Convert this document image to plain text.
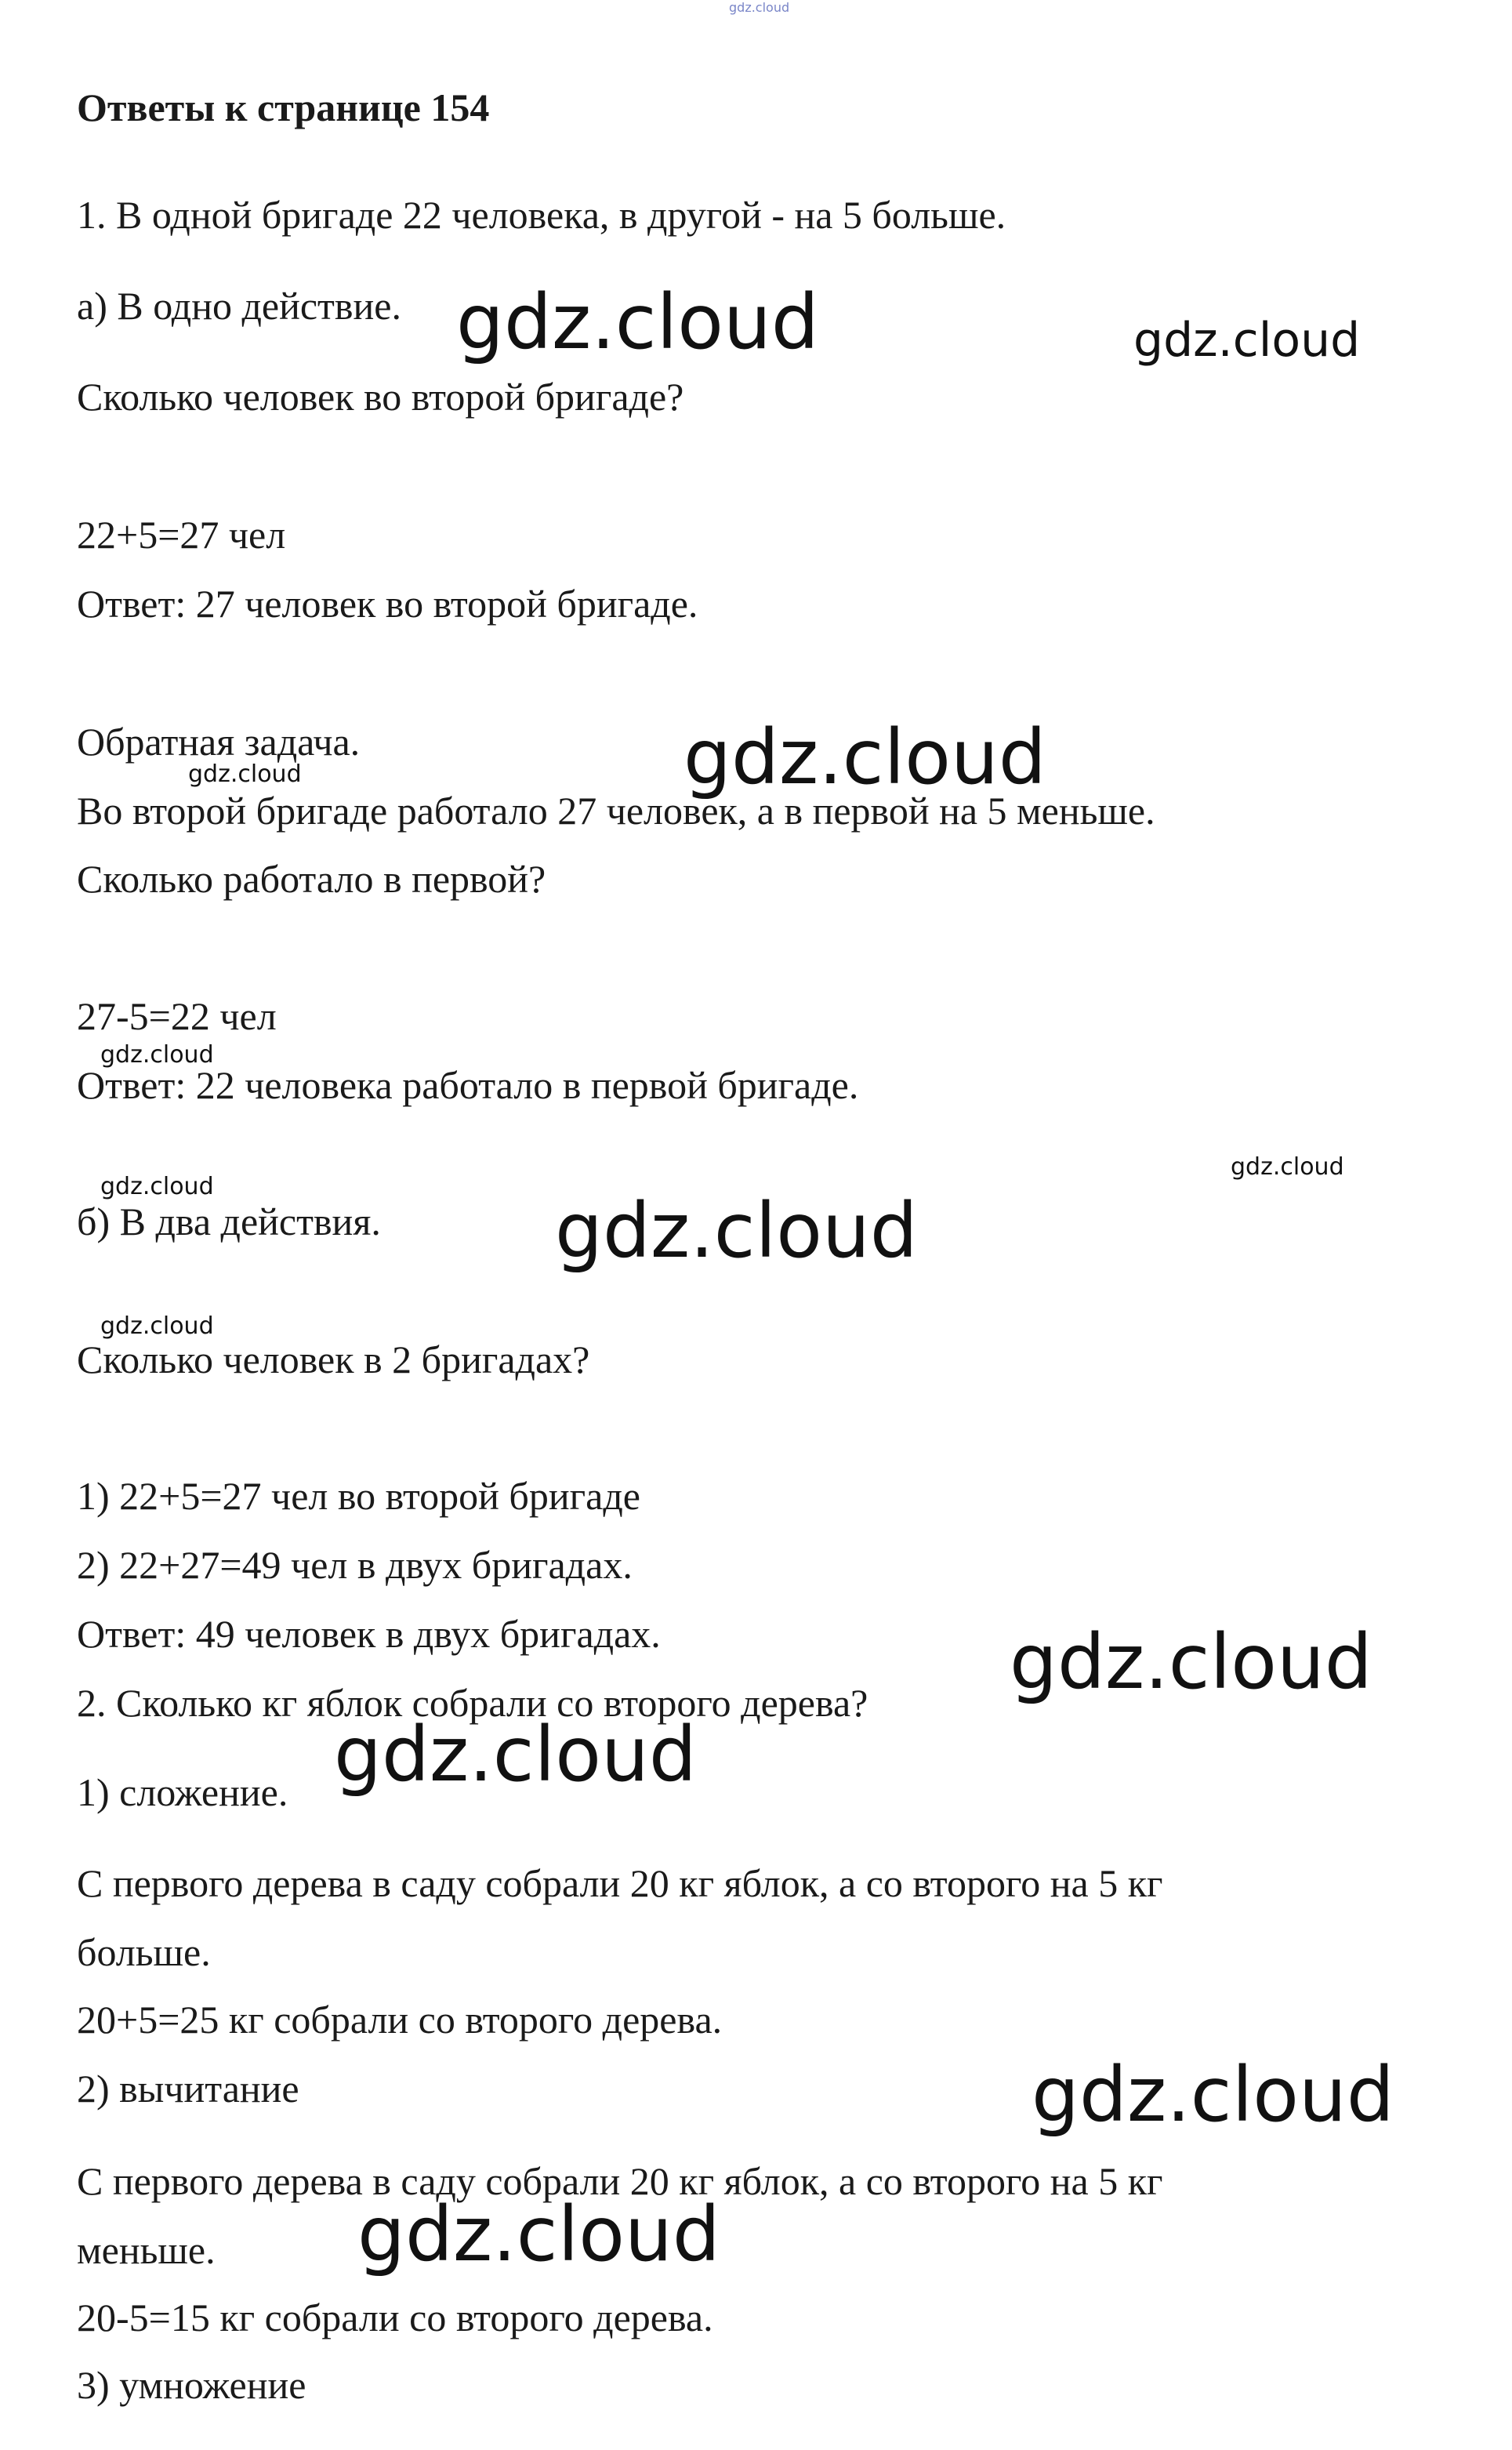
gdz.cloud
Ответы к странице 154
1. В одной бригаде 22 человека, в другой - на 5 больше.
а) В одно действие.
Сколько человек во второй бригаде?
22+5=27 чел
Ответ: 27 человек во второй бригаде.
Обратная задача.
Во второй бригаде работало 27 человек, а в первой на 5 меньше.
Сколько работало в первой?
27-5=22 чел
Ответ: 22 человека работало в первой бригаде.
б) В два действия.
Сколько человек в 2 бригадах?
1) 22+5=27 чел во второй бригаде
2) 22+27=49 чел в двух бригадах.
Ответ: 49 человек в двух бригадах.
2. Сколько кг яблок собрали со второго дерева?
1) сложение.
С первого дерева в саду собрали 20 кг яблок, а со второго на 5 кг
больше.
20+5=25 кг собрали со второго дерева.
2) вычитание
С первого дерева в саду собрали 20 кг яблок, а со второго на 5 кг
меньше.
20-5=15 кг собрали со второго дерева.
3) умножение
gdz.cloud	gdz.cloud
gdz.cloud
gdz.cloud
gdz.cloud
gdz.cloud
gdz.cloud
gdz.cloud
gdz.cloud
gdz.cloud
gdz.cloud
gdz.cloud
gdz.cloud
